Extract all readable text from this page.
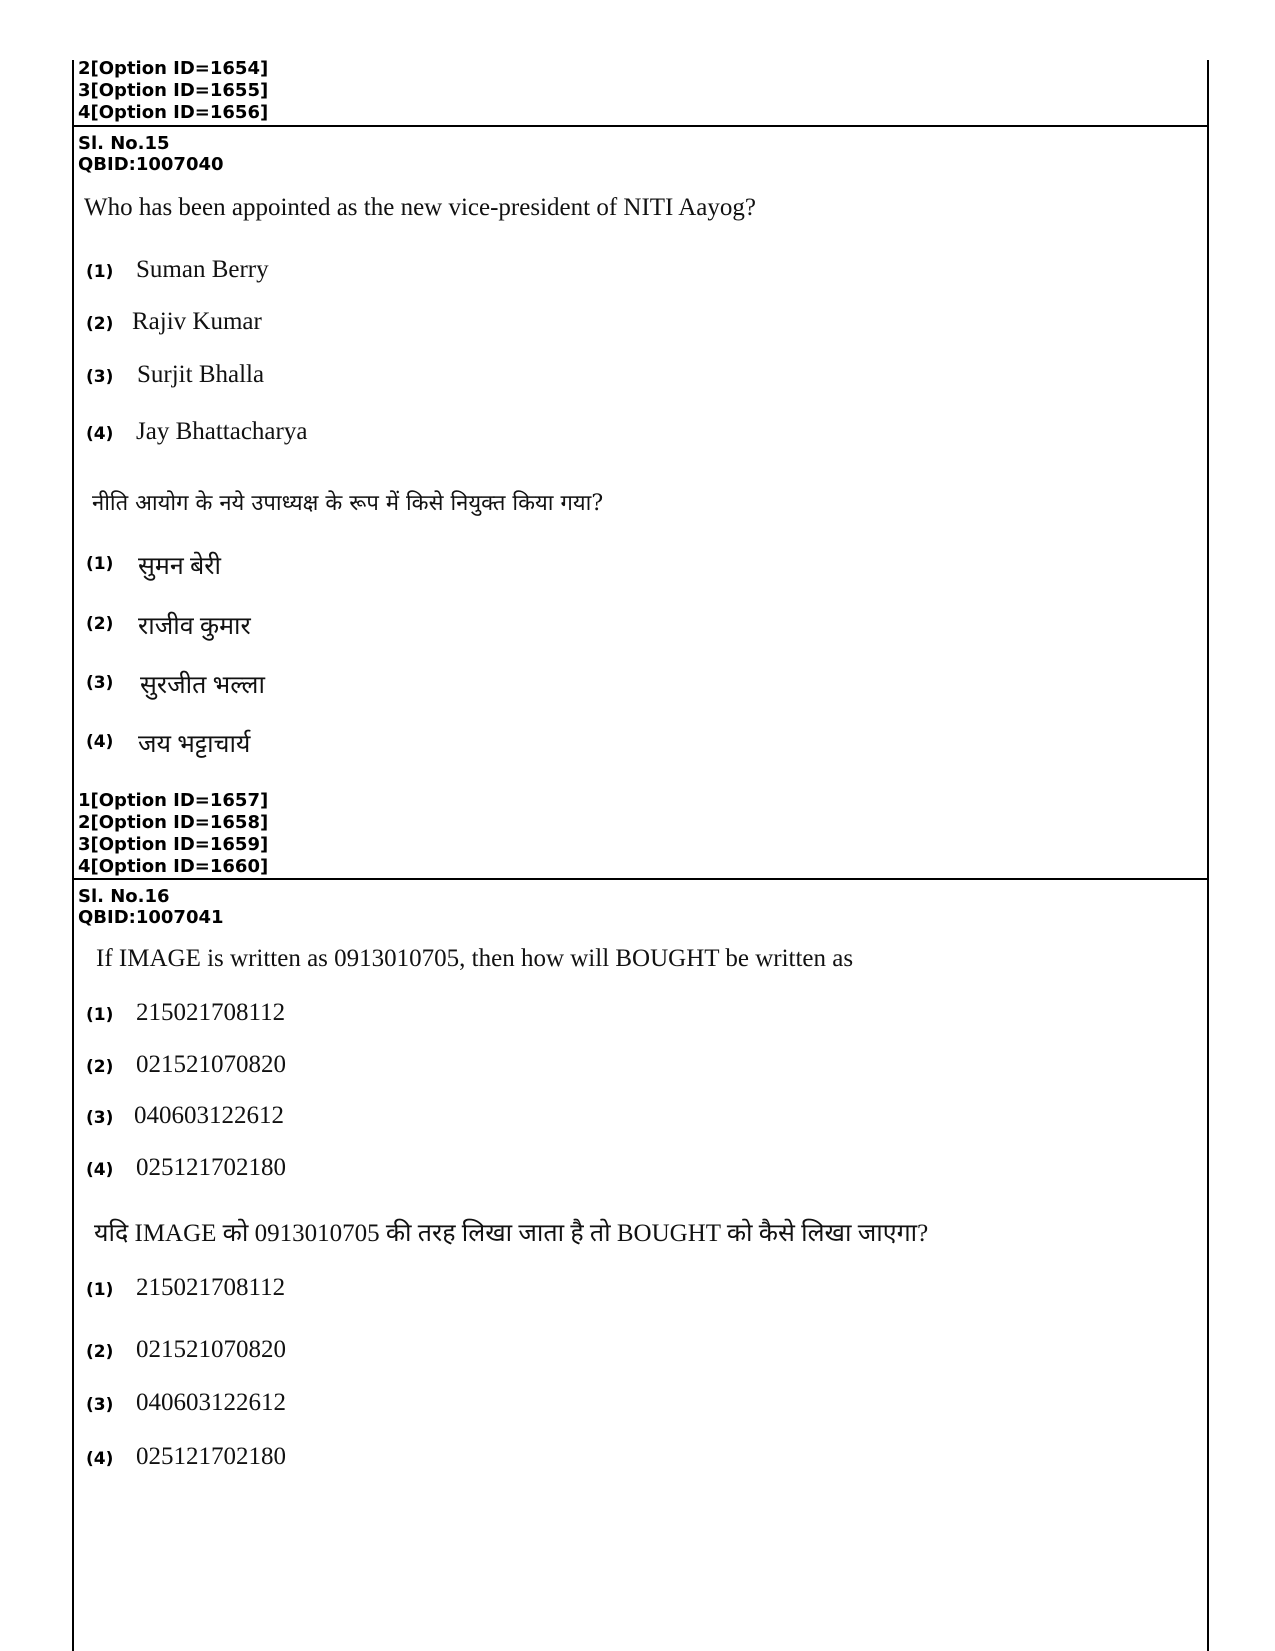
2[Option ID=1654]
3[Option ID=1655]
4[Option ID=1656]
Sl. No.15
QBID:1007040
Who has been appointed as the new vice-president of NITI Aayog?
(1) Suman Berry
(2) Rajiv Kumar
(3) Surjit Bhalla
(4) Jay Bhattacharya
नीति आयोग के नये उपाध्यक्ष के रूप में किसे नियुक्त किया गया?
(1) सुमन बेरी
(2) राजीव कुमार
(3) सुरजीत भल्ला
(4) जय भट्टाचार्य
1[Option ID=1657]
2[Option ID=1658]
3[Option ID=1659]
4[Option ID=1660]
Sl. No.16
QBID:1007041
If IMAGE is written as 0913010705, then how will BOUGHT be written as
(1) 215021708112
(2) 021521070820
(3) 040603122612
(4) 025121702180
यदि IMAGE को 0913010705 की तरह लिखा जाता है तो BOUGHT को कैसे लिखा जाएगा?
(1) 215021708112
(2) 021521070820
(3) 040603122612
(4) 025121702180
